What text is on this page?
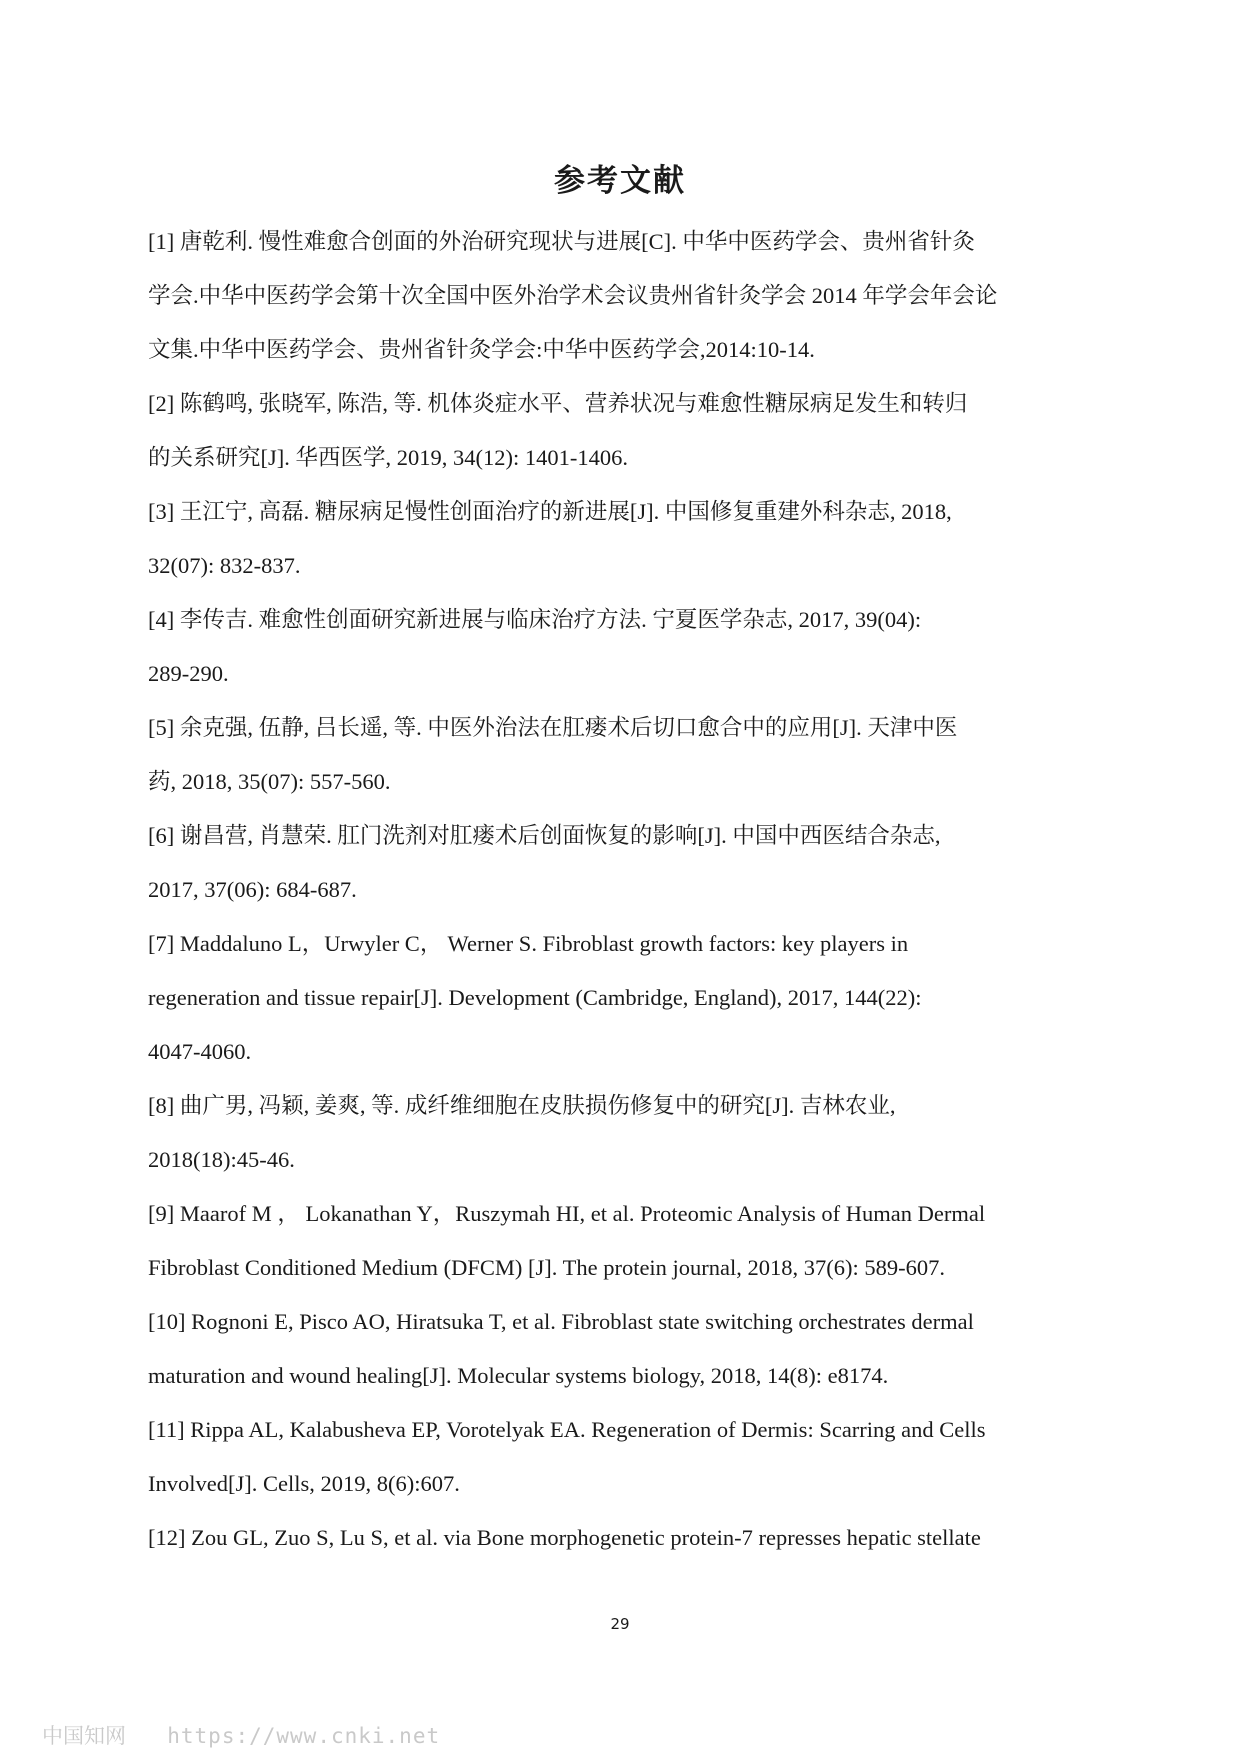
参考文献
[1] 唐乾利. 慢性难愈合创面的外治研究现状与进展[C]. 中华中医药学会、贵州省针灸
学会.中华中医药学会第十次全国中医外治学术会议贵州省针灸学会 2014 年学会年会论
文集.中华中医药学会、贵州省针灸学会:中华中医药学会,2014:10-14.
[2] 陈鹤鸣, 张晓军, 陈浩, 等. 机体炎症水平、营养状况与难愈性糖尿病足发生和转归
的关系研究[J]. 华西医学, 2019, 34(12): 1401-1406.
[3] 王江宁, 高磊. 糖尿病足慢性创面治疗的新进展[J]. 中国修复重建外科杂志, 2018,
32(07): 832-837.
[4] 李传吉. 难愈性创面研究新进展与临床治疗方法. 宁夏医学杂志, 2017, 39(04):
289-290.
[5] 余克强, 伍静, 吕长遥, 等. 中医外治法在肛瘘术后切口愈合中的应用[J]. 天津中医
药, 2018, 35(07): 557-560.
[6] 谢昌营, 肖慧荣. 肛门洗剂对肛瘘术后创面恢复的影响[J]. 中国中西医结合杂志,
2017, 37(06): 684-687.
[7] Maddaluno L，Urwyler C， Werner S. Fibroblast growth factors: key players in
regeneration and tissue repair[J]. Development (Cambridge, England), 2017, 144(22):
4047-4060.
[8] 曲广男, 冯颖, 姜爽, 等. 成纤维细胞在皮肤损伤修复中的研究[J]. 吉林农业,
2018(18):45-46.
[9] Maarof M ， Lokanathan Y，Ruszymah HI, et al. Proteomic Analysis of Human Dermal
Fibroblast Conditioned Medium (DFCM) [J]. The protein journal, 2018, 37(6): 589-607.
[10] Rognoni E, Pisco AO, Hiratsuka T, et al. Fibroblast state switching orchestrates dermal
maturation and wound healing[J]. Molecular systems biology, 2018, 14(8): e8174.
[11] Rippa AL, Kalabusheva EP, Vorotelyak EA. Regeneration of Dermis: Scarring and Cells
Involved[J]. Cells, 2019, 8(6):607.
[12] Zou GL, Zuo S, Lu S, et al. via Bone morphogenetic protein-7 represses hepatic stellate
29
中国知网 https://www.cnki.net
